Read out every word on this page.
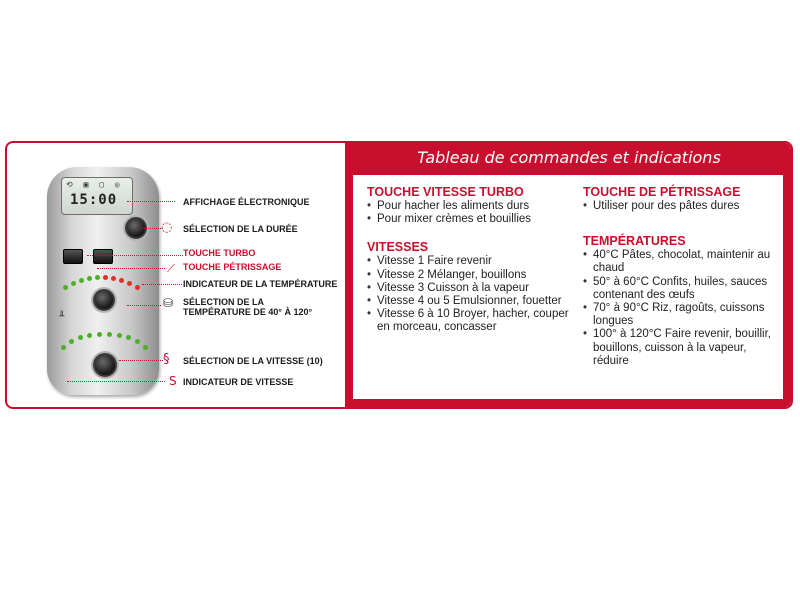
⟲ ▣ ▢ ◎
15:00
╨
◌
⟋
⛁
§
S
AFFICHAGE ÉLECTRONIQUE
SÉLECTION DE LA DURÉE
TOUCHE TURBO
TOUCHE PÉTRISSAGE
INDICATEUR DE LA TEMPÉRATURE
SÉLECTION DE LA TEMPÉRATURE DE 40° À 120°
SÉLECTION DE LA VITESSE (10)
INDICATEUR DE VITESSE
Tableau de commandes et indications
TOUCHE VITESSE TURBO
• Pour hacher les aliments durs
• Pour mixer crèmes et bouillies
VITESSES
• Vitesse 1 Faire revenir
• Vitesse 2 Mélanger, bouillons
• Vitesse 3 Cuisson à la vapeur
• Vitesse 4 ou 5 Emulsionner, fouetter
• Vitesse 6 à 10 Broyer, hacher, couper en morceau, concasser
TOUCHE DE PÉTRISSAGE
• Utiliser pour des pâtes dures
TEMPÉRATURES
• 40°C Pâtes, chocolat, maintenir au chaud
• 50° à 60°C Confits, huiles, sauces contenant des œufs
• 70° à 90°C Riz, ragoûts, cuissons longues
• 100° à 120°C Faire revenir, bouillir, bouillons, cuisson à la vapeur, réduire
